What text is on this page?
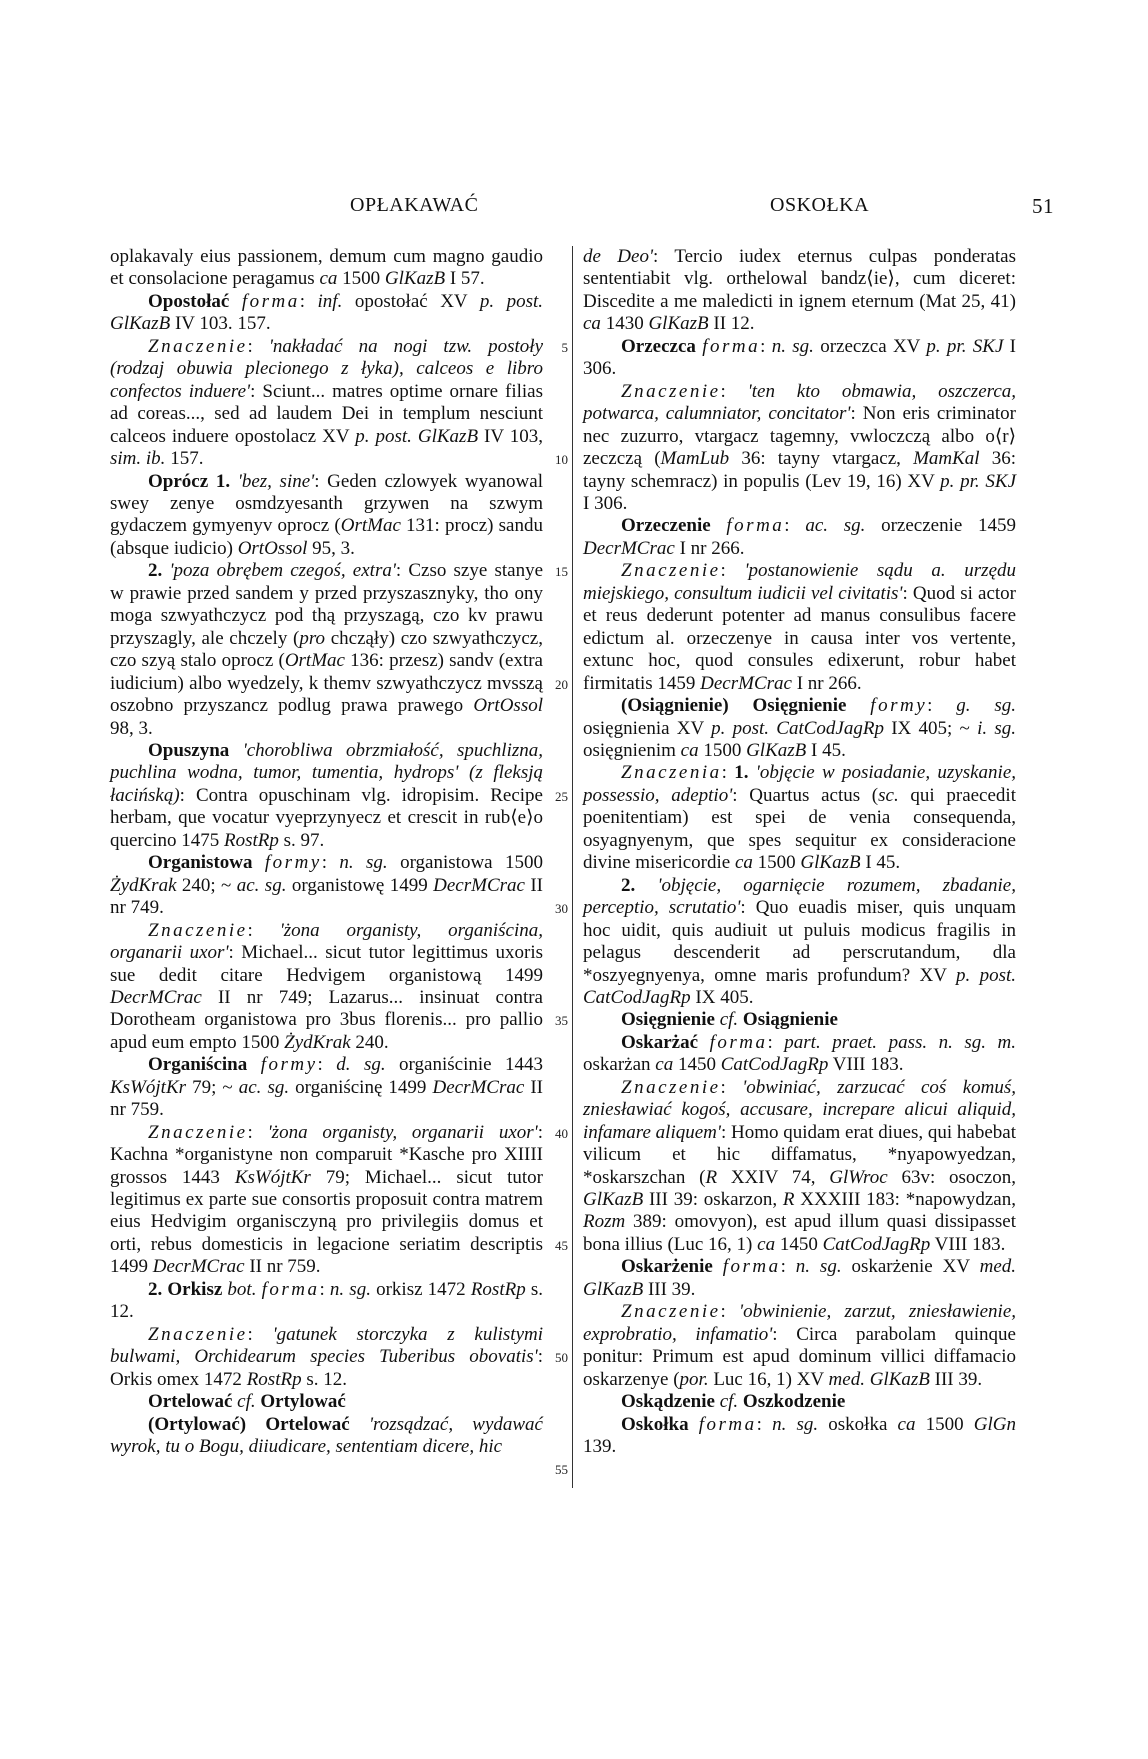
OPŁAKAWAĆ	OSKOŁKA	51

oplakavaly eius passionem, demum cum magno gaudio et consolacione peragamus ca 1500 GlKazB I 57.

Opostołać forma: inf. opostołać XV p. post. GlKazB IV 103. 157.

Znaczenie: 'nakładać na nogi tzw. postoły (rodzaj obuwia plecionego z łyka), calceos e libro confectos induere': Sciunt... matres optime ornare filias ad coreas..., sed ad laudem Dei in templum nesciunt calceos induere opostolacz XV p. post. GlKazB IV 103, sim. ib. 157.

Oprócz 1. 'bez, sine': Geden czlowyek wyanowal swey zenye osmdzyesanth grzywen na szwym gydaczem gymyenyv oprocz (OrtMac 131: procz) sandu (absque iudicio) OrtOssol 95, 3.

2. 'poza obrębem czegoś, extra': Czso szye stanye w prawie przed sandem y przed przyszasznyky, tho ony moga szwyathczycz pod thą przyszagą, czo kv prawu przyszagly, ale chczely (pro chcząły) czo szwyathczycz, czo szyą stalo oprocz (OrtMac 136: przesz) sandv (extra iudicium) albo wyedzely, k themv szwyathczycz mvsszą oszobno przyszancz podlug prawa prawego OrtOssol 98, 3.

Opuszyna 'chorobliwa obrzmiałość, spuchlizna, puchlina wodna, tumor, tumentia, hydrops' (z fleksją łacińską): Contra opuschinam vlg. idropisim. Recipe herbam, que vocatur vyeprzynyecz et crescit in rub⟨e⟩o quercino 1475 RostRp s. 97.

Organistowa formy: n. sg. organistowa 1500 ŻydKrak 240; ~ ac. sg. organistowę 1499 DecrMCrac II nr 749.

Znaczenie: 'żona organisty, organiścina, organarii uxor': Michael... sicut tutor legittimus uxoris sue dedit citare Hedvigem organistową 1499 DecrMCrac II nr 749; Lazarus... insinuat contra Dorotheam organistowa pro 3bus florenis... pro pallio apud eum empto 1500 ŻydKrak 240.

Organiścina formy: d. sg. organiścinie 1443 KsWójtKr 79; ~ ac. sg. organiścinę 1499 DecrMCrac II nr 759.

Znaczenie: 'żona organisty, organarii uxor': Kachna *organistyne non comparuit *Kasche pro XIIII grossos 1443 KsWójtKr 79; Michael... sicut tutor legitimus ex parte sue consortis proposuit contra matrem eius Hedvigim organisczyną pro privilegiis domus et orti, rebus domesticis in legacione seriatim descriptis 1499 DecrMCrac II nr 759.

2. Orkisz bot. forma: n. sg. orkisz 1472 RostRp s. 12.

Znaczenie: 'gatunek storczyka z kulistymi bulwami, Orchidearum species Tuberibus obovatis': Orkis omex 1472 RostRp s. 12.

Ortelować cf. Ortylować

(Ortylować) Ortelować 'rozsądzać, wydawać wyrok, tu o Bogu, diiudicare, sententiam dicere, hic

5
10
15
20
25
30
35
40
45
50
55

de Deo': Tercio iudex eternus culpas ponderatas sententiabit vlg. orthelowal bandz⟨ie⟩, cum diceret: Discedite a me maledicti in ignem eternum (Mat 25, 41) ca 1430 GlKazB II 12.

Orzeczca forma: n. sg. orzeczca XV p. pr. SKJ I 306.

Znaczenie: 'ten kto obmawia, oszczerca, potwarca, calumniator, concitator': Non eris criminator nec zuzurro, vtargacz tagemny, vwloczczą albo o⟨r⟩zeczczą (MamLub 36: tayny vtargacz, MamKal 36: tayny schemracz) in populis (Lev 19, 16) XV p. pr. SKJ I 306.

Orzeczenie forma: ac. sg. orzeczenie 1459 DecrMCrac I nr 266.

Znaczenie: 'postanowienie sądu a. urzędu miejskiego, consultum iudicii vel civitatis': Quod si actor et reus dederunt potenter ad manus consulibus facere edictum al. orzeczenye in causa inter vos vertente, extunc hoc, quod consules edixerunt, robur habet firmitatis 1459 DecrMCrac I nr 266.

(Osiągnienie) Osięgnienie formy: g. sg. osięgnienia XV p. post. CatCodJagRp IX 405; ~ i. sg. osięgnienim ca 1500 GlKazB I 45.

Znaczenia: 1. 'objęcie w posiadanie, uzyskanie, possessio, adeptio': Quartus actus (sc. qui praecedit poenitentiam) est spei de venia consequenda, osyagnyenym, que spes sequitur ex consideracione divine misericordie ca 1500 GlKazB I 45.

2. 'objęcie, ogarnięcie rozumem, zbadanie, perceptio, scrutatio': Quo euadis miser, quis unquam hoc uidit, quis audiuit ut puluis modicus fragilis in pelagus descenderit ad perscrutandum, dla *oszyegnyenya, omne maris profundum? XV p. post. CatCodJagRp IX 405.

Osięgnienie cf. Osiągnienie

Oskarżać forma: part. praet. pass. n. sg. m. oskarżan ca 1450 CatCodJagRp VIII 183.

Znaczenie: 'obwiniać, zarzucać coś komuś, zniesławiać kogoś, accusare, increpare alicui aliquid, infamare aliquem': Homo quidam erat diues, qui habebat vilicum et hic diffamatus, *nyapowyedzan, *oskarszchan (R XXIV 74, GlWroc 63v: osoczon, GlKazB III 39: oskarzon, R XXXIII 183: *napowydzan, Rozm 389: omovyon), est apud illum quasi dissipasset bona illius (Luc 16, 1) ca 1450 CatCodJagRp VIII 183.

Oskarżenie forma: n. sg. oskarżenie XV med. GlKazB III 39.

Znaczenie: 'obwinienie, zarzut, zniesławienie, exprobratio, infamatio': Circa parabolam quinque ponitur: Primum est apud dominum villici diffamacio oskarzenye (por. Luc 16, 1) XV med. GlKazB III 39.

Oskądzenie cf. Oszkodzenie

Oskołka forma: n. sg. oskołka ca 1500 GlGn 139.
